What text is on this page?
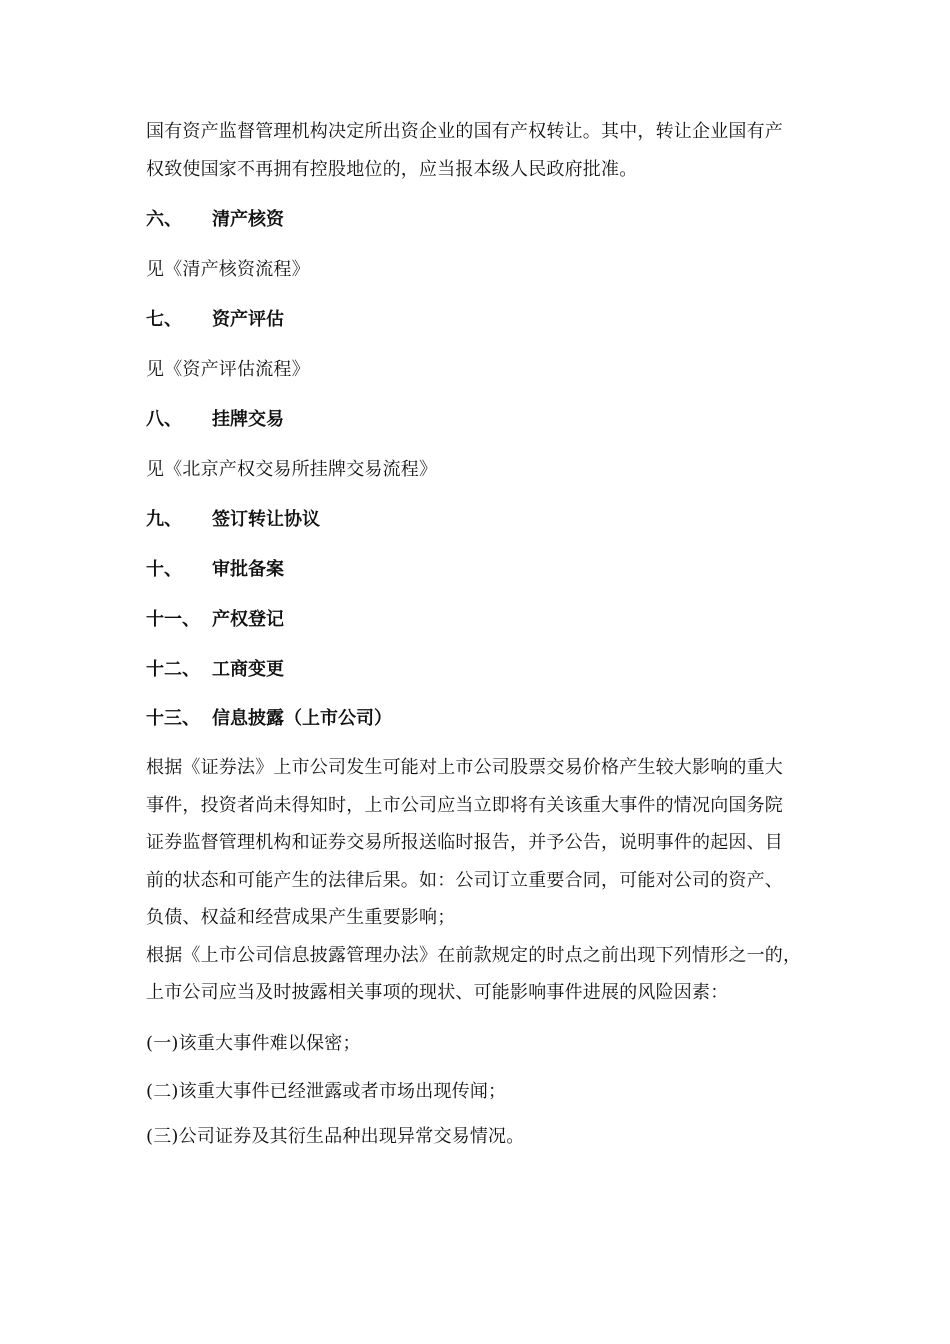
国有资产监督管理机构决定所出资企业的国有产权转让。其中，转让企业国有产
权致使国家不再拥有控股地位的，应当报本级人民政府批准。
六、 清产核资
见《清产核资流程》
七、 资产评估
见《资产评估流程》
八、 挂牌交易
见《北京产权交易所挂牌交易流程》
九、 签订转让协议
十、 审批备案
十一、 产权登记
十二、 工商变更
十三、 信息披露（上市公司）
根据《证券法》上市公司发生可能对上市公司股票交易价格产生较大影响的重大
事件，投资者尚未得知时，上市公司应当立即将有关该重大事件的情况向国务院
证券监督管理机构和证券交易所报送临时报告，并予公告，说明事件的起因、目
前的状态和可能产生的法律后果。如：公司订立重要合同，可能对公司的资产、
负债、权益和经营成果产生重要影响；
根据《上市公司信息披露管理办法》在前款规定的时点之前出现下列情形之一的，
上市公司应当及时披露相关事项的现状、可能影响事件进展的风险因素：
(一)该重大事件难以保密；
(二)该重大事件已经泄露或者市场出现传闻；
(三)公司证券及其衍生品种出现异常交易情况。
